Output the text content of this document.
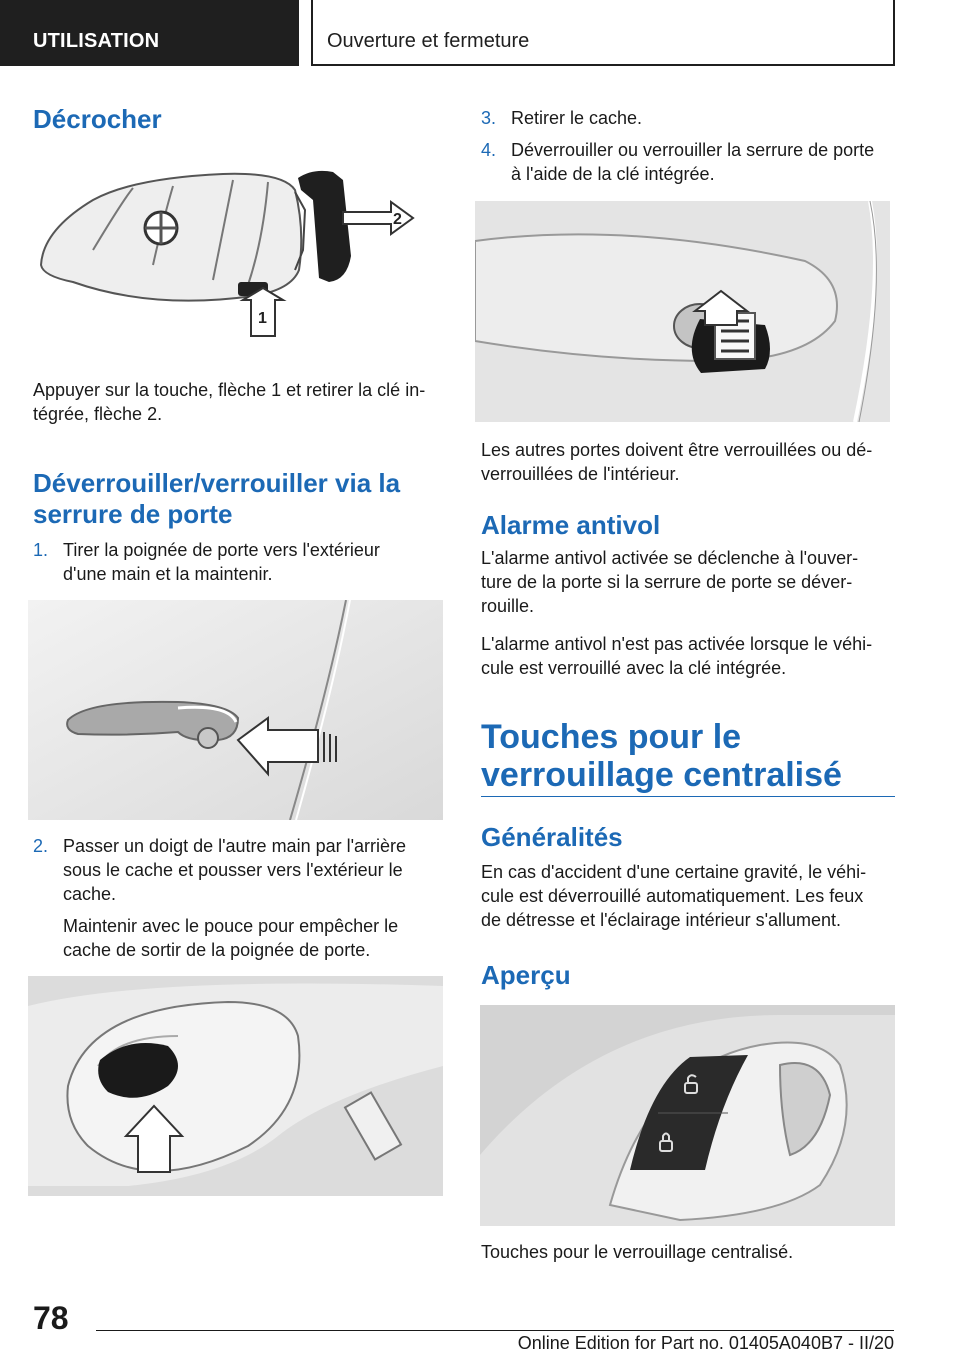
UTILISATION	Ouverture et fermeture
Décrocher
2
1
Appuyer sur la touche, flèche 1 et retirer la clé in‐
tégrée, flèche 2.
Déverrouiller/verrouiller via la
serrure de porte
1. Tirer la poignée de porte vers l'extérieur
d'une main et la maintenir.
2. Passer un doigt de l'autre main par l'arrière
sous le cache et pousser vers l'extérieur le
cache.
Maintenir avec le pouce pour empêcher le
cache de sortir de la poignée de porte.
3. Retirer le cache.
4. Déverrouiller ou verrouiller la serrure de porte
à l'aide de la clé intégrée.
Les autres portes doivent être verrouillées ou dé‐
verrouillées de l'intérieur.
Alarme antivol
L'alarme antivol activée se déclenche à l'ouver‐
ture de la porte si la serrure de porte se déver‐
rouille.
L'alarme antivol n'est pas activée lorsque le véhi‐
cule est verrouillé avec la clé intégrée.
Touches pour le
verrouillage centralisé
Généralités
En cas d'accident d'une certaine gravité, le véhi‐
cule est déverrouillé automatiquement. Les feux
de détresse et l'éclairage intérieur s'allument.
Aperçu
Touches pour le verrouillage centralisé.
78
Online Edition for Part no. 01405A040B7 - II/20
